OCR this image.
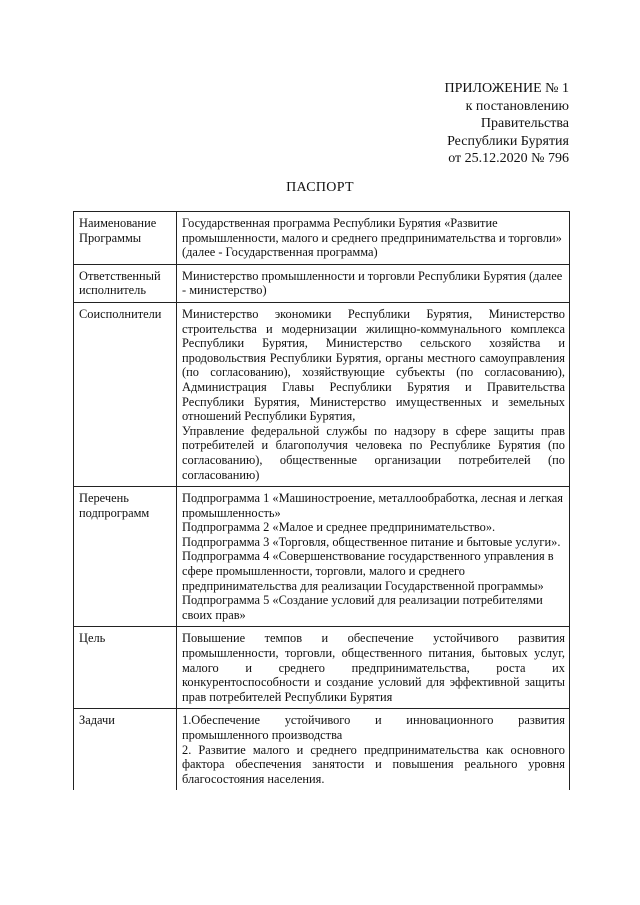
ПРИЛОЖЕНИЕ № 1
к постановлению
Правительства
Республики Бурятия
от 25.12.2020 № 796
ПАСПОРТ
Наименование Программы	Государственная программа Республики Бурятия «Развитие промышленности, малого и среднего предпринимательства и торговли» (далее - Государственная программа)
Ответственный исполнитель	Министерство промышленности и торговли Республики Бурятия (далее - министерство)
Соисполнители	Министерство экономики Республики Бурятия, Министерство строительства и модернизации жилищно-коммунального комплекса Республики Бурятия, Министерство сельского хозяйства и продовольствия Республики Бурятия, органы местного самоуправления (по согласованию), хозяйствующие субъекты (по согласованию), Администрация Главы Республики Бурятия и Правительства Республики Бурятия, Министерство имущественных и земельных отношений Республики Бурятия,

Управление федеральной службы по надзору в сфере защиты прав потребителей и благополучия человека по Республике Бурятия (по согласованию), общественные организации потребителей (по согласованию)

Перечень подпрограмм	Подпрограмма 1 «Машиностроение, металлообработка, лесная и легкая промышленность»

Подпрограмма 2 «Малое и среднее предпринимательство».

Подпрограмма 3 «Торговля, общественное питание и бытовые услуги».

Подпрограмма 4 «Совершенствование государственного управления в сфере промышленности, торговли, малого и среднего предпринимательства для реализации Государственной программы»

Подпрограмма 5 «Создание условий для реализации потребителями своих прав»

Цель	Повышение темпов и обеспечение устойчивого развития промышленности, торговли, общественного питания, бытовых услуг, малого и среднего предпринимательства, роста их конкурентоспособности и создание условий для эффективной защиты прав потребителей Республики Бурятия
Задачи	1.Обеспечение устойчивого и инновационного развития промышленного производства

2. Развитие малого и среднего предпринимательства как основного фактора обеспечения занятости и повышения реального уровня благосостояния населения.
